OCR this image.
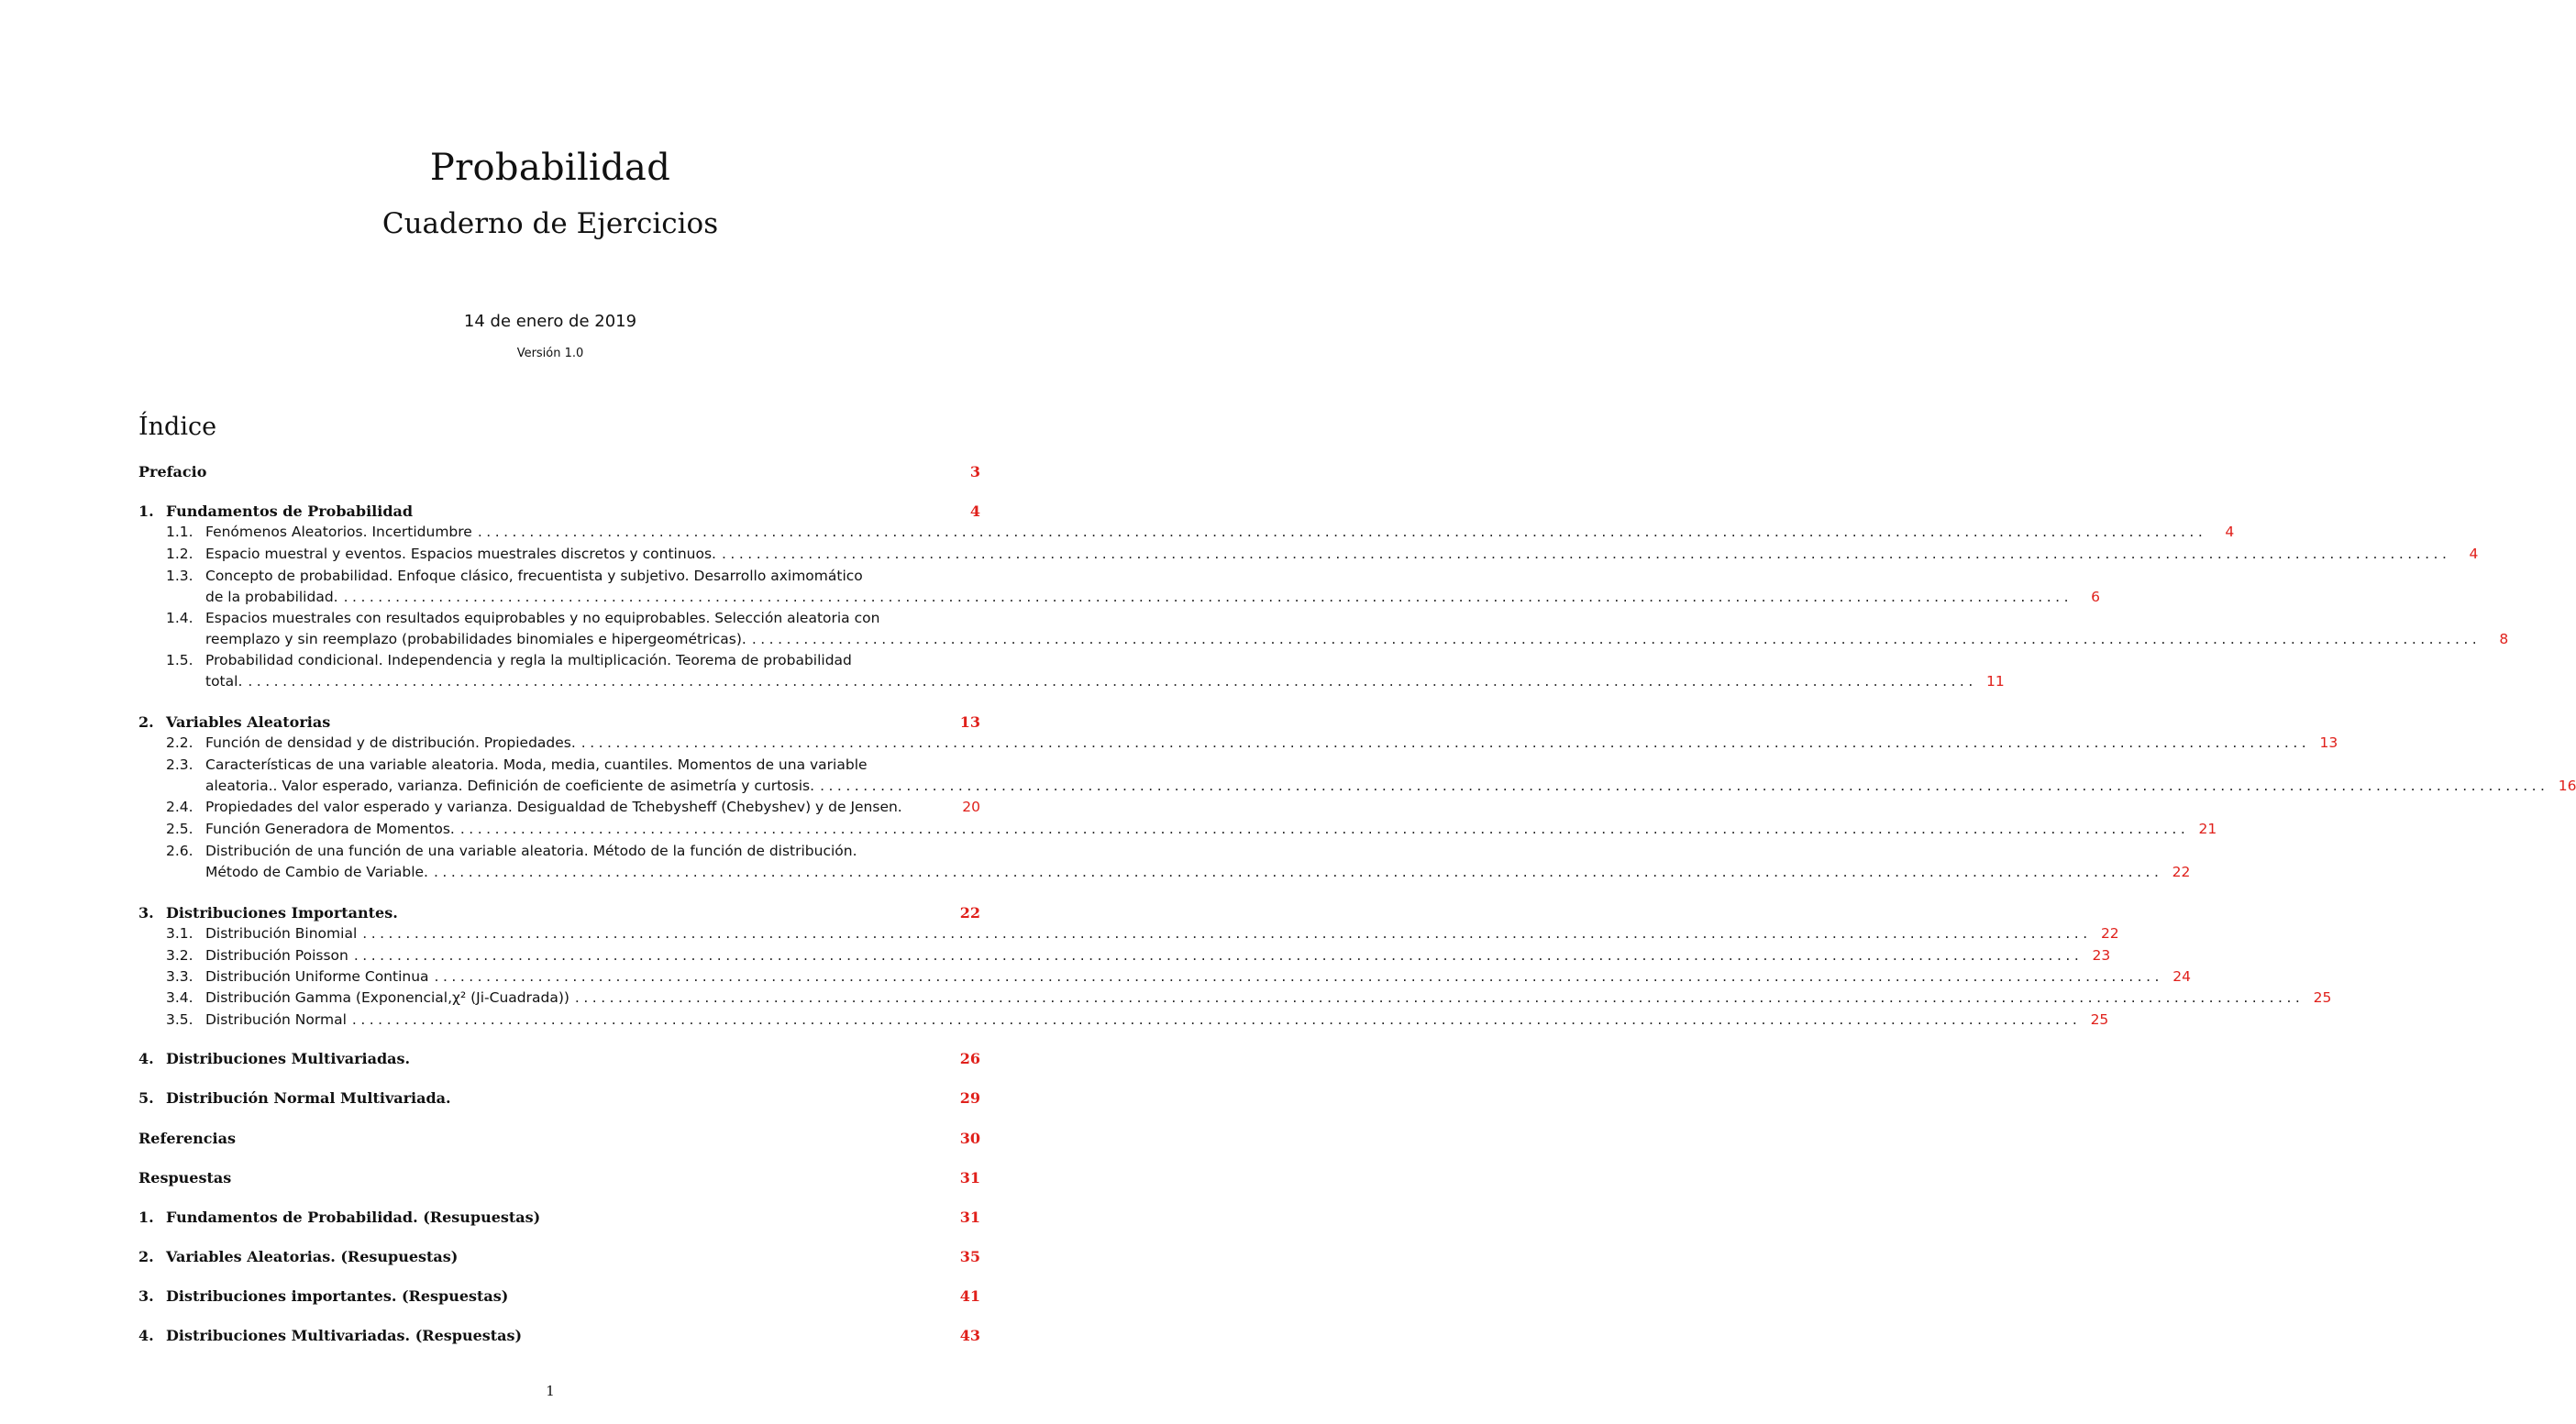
Probabilidad
Cuaderno de Ejercicios
14 de enero de 2019
Versión 1.0
Índice
Prefacio	3
1. Fundamentos de Probabilidad	4
1.1. Fenómenos Aleatorios. Incertidumbre ........................................................................................................................................................................................................	4
1.2. Espacio muestral y eventos. Espacios muestrales discretos y continuos. ........................................................................................................................................................................................................	4
1.3. Concepto de probabilidad. Enfoque clásico, frecuentista y subjetivo. Desarrollo aximomático
de la probabilidad. ........................................................................................................................................................................................................	6
1.4. Espacios muestrales con resultados equiprobables y no equiprobables. Selección aleatoria con
reemplazo y sin reemplazo (probabilidades binomiales e hipergeométricas). ........................................................................................................................................................................................................	8
1.5. Probabilidad condicional. Independencia y regla la multiplicación. Teorema de probabilidad
total. ........................................................................................................................................................................................................ 11
2. Variables Aleatorias	13
2.2. Función de densidad y de distribución. Propiedades. ........................................................................................................................................................................................................ 13
2.3. Características de una variable aleatoria. Moda, media, cuantiles. Momentos de una variable
aleatoria.. Valor esperado, varianza. Definición de coeficiente de asimetría y curtosis. ........................................................................................................................................................................................................ 16
2.4. Propiedades del valor esperado y varianza. Desigualdad de Tchebysheff (Chebyshev) y de Jensen.	20
2.5. Función Generadora de Momentos. ........................................................................................................................................................................................................ 21
2.6. Distribución de una función de una variable aleatoria. Método de la función de distribución.
Método de Cambio de Variable. ........................................................................................................................................................................................................ 22
3. Distribuciones Importantes.	22
3.1. Distribución Binomial ........................................................................................................................................................................................................ 22
3.2. Distribución Poisson ........................................................................................................................................................................................................ 23
3.3. Distribución Uniforme Continua ........................................................................................................................................................................................................ 24
3.4. Distribución Gamma (Exponencial,χ² (Ji-Cuadrada)) ........................................................................................................................................................................................................ 25
3.5. Distribución Normal ........................................................................................................................................................................................................ 25
4. Distribuciones Multivariadas.	26
5. Distribución Normal Multivariada.	29
Referencias	30
Respuestas	31
1. Fundamentos de Probabilidad. (Resupuestas)	31
2. Variables Aleatorias. (Resupuestas)	35
3. Distribuciones importantes. (Respuestas)	41
4. Distribuciones Multivariadas. (Respuestas)	43
1
